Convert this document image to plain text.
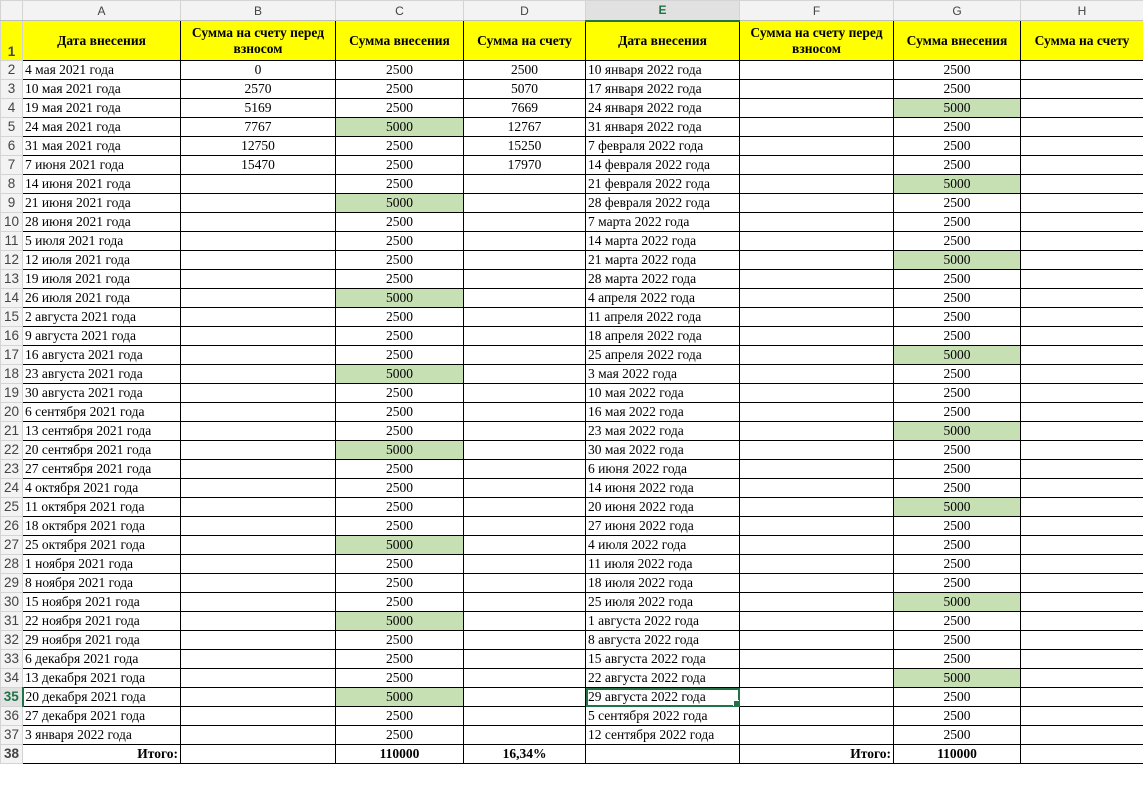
	A	B	C	D	E	F	G	H
1	Дата внесения	Сумма на счету перед взносом	Сумма внесения	Сумма на счету	Дата внесения	Сумма на счету перед взносом	Сумма внесения	Сумма на счету
2	4 мая 2021 года	0	2500	2500	10 января 2022 года		2500	
3	10 мая 2021 года	2570	2500	5070	17 января 2022 года		2500	
4	19 мая 2021 года	5169	2500	7669	24 января 2022 года		5000	
5	24 мая 2021 года	7767	5000	12767	31 января 2022 года		2500	
6	31 мая 2021 года	12750	2500	15250	7 февраля 2022 года		2500	
7	7 июня 2021 года	15470	2500	17970	14 февраля 2022 года		2500	
8	14 июня 2021 года		2500		21 февраля 2022 года		5000	
9	21 июня 2021 года		5000		28 февраля 2022 года		2500	
10	28 июня 2021 года		2500		7 марта 2022 года		2500	
11	5 июля 2021 года		2500		14 марта 2022 года		2500	
12	12 июля 2021 года		2500		21 марта 2022 года		5000	
13	19 июля 2021 года		2500		28 марта 2022 года		2500	
14	26 июля 2021 года		5000		4 апреля 2022 года		2500	
15	2 августа 2021 года		2500		11 апреля 2022 года		2500	
16	9 августа 2021 года		2500		18 апреля 2022 года		2500	
17	16 августа 2021 года		2500		25 апреля 2022 года		5000	
18	23 августа 2021 года		5000		3 мая 2022 года		2500	
19	30 августа 2021 года		2500		10 мая 2022 года		2500	
20	6 сентября 2021 года		2500		16 мая 2022 года		2500	
21	13 сентября 2021 года		2500		23 мая 2022 года		5000	
22	20 сентября 2021 года		5000		30 мая 2022 года		2500	
23	27 сентября 2021 года		2500		6 июня 2022 года		2500	
24	4 октября 2021 года		2500		14 июня 2022 года		2500	
25	11 октября 2021 года		2500		20 июня 2022 года		5000	
26	18 октября 2021 года		2500		27 июня 2022 года		2500	
27	25 октября 2021 года		5000		4 июля 2022 года		2500	
28	1 ноября 2021 года		2500		11 июля 2022 года		2500	
29	8 ноября 2021 года		2500		18 июля 2022 года		2500	
30	15 ноября 2021 года		2500		25 июля 2022 года		5000	
31	22 ноября 2021 года		5000		1 августа 2022 года		2500	
32	29 ноября 2021 года		2500		8 августа 2022 года		2500	
33	6 декабря 2021 года		2500		15 августа 2022 года		2500	
34	13 декабря 2021 года		2500		22 августа 2022 года		5000	
35	20 декабря 2021 года		5000		29 августа 2022 года		2500	
36	27 декабря 2021 года		2500		5 сентября 2022 года		2500	
37	3 января 2022 года		2500		12 сентября 2022 года		2500	
38	Итого:		110000	16,34%		Итого:	110000	
